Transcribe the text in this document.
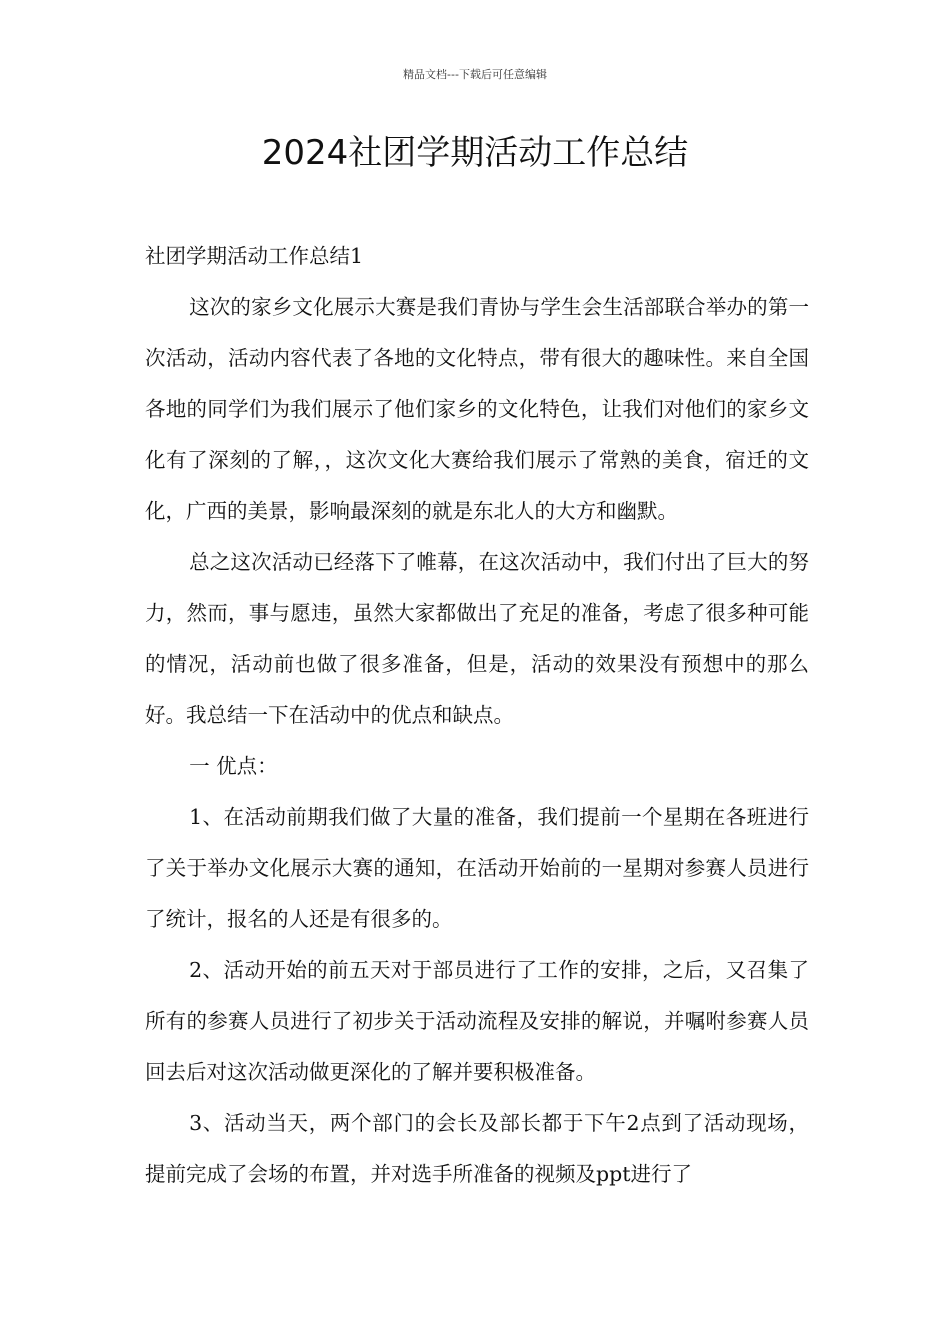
精品文档---下载后可任意编辑
2024社团学期活动工作总结

社团学期活动工作总结1

这次的家乡文化展示大赛是我们青协与学生会生活部联合举办的第一次活动，活动内容代表了各地的文化特点，带有很大的趣味性。来自全国各地的同学们为我们展示了他们家乡的文化特色，让我们对他们的家乡文化有了深刻的了解，，这次文化大赛给我们展示了常熟的美食，宿迁的文化，广西的美景，影响最深刻的就是东北人的大方和幽默。

总之这次活动已经落下了帷幕，在这次活动中，我们付出了巨大的努力，然而，事与愿违，虽然大家都做出了充足的准备，考虑了很多种可能的情况，活动前也做了很多准备，但是，活动的效果没有预想中的那么好。我总结一下在活动中的优点和缺点。

一 优点：

1、在活动前期我们做了大量的准备，我们提前一个星期在各班进行了关于举办文化展示大赛的通知，在活动开始前的一星期对参赛人员进行了统计，报名的人还是有很多的。

2、活动开始的前五天对于部员进行了工作的安排，之后，又召集了所有的参赛人员进行了初步关于活动流程及安排的解说，并嘱咐参赛人员回去后对这次活动做更深化的了解并要积极准备。

3、活动当天，两个部门的会长及部长都于下午2点到了活动现场，提前完成了会场的布置，并对选手所准备的视频及ppt进行了
